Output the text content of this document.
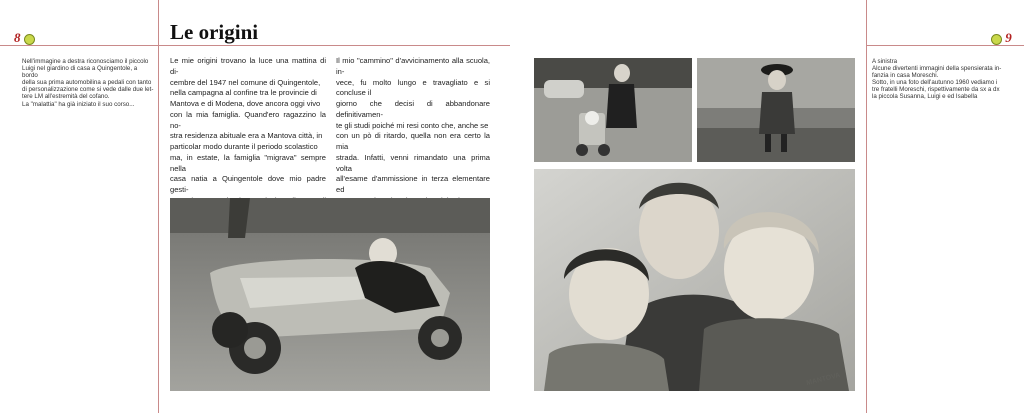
8	9
Le origini
Nell'immagine a destra riconosciamo il piccolo
Luigi nel giardino di casa a Quingentole, a bordo
della sua prima automobilina a pedali con tanto
di personalizzazione come si vede dalle due let-
tere LM all'estremità del cofano.
La "malattia" ha già iniziato il suo corso...
Le mie origini trovano la luce una mattina di di-
cembre del 1947 nel comune di Quingentole,
nella campagna al confine tra le provincie di
Mantova e di Modena, dove ancora oggi vivo
con la mia famiglia. Quand'ero ragazzino la no-
stra residenza abituale era a Mantova città, in
particolar modo durante il periodo scolastico
ma, in estate, la famiglia "migrava" sempre nella
casa natia a Quingentole dove mio padre gesti-
Il mio "cammino" d'avvicinamento alla scuola, in-
vece, fu molto lungo e travagliato e si concluse il
giorno che decisi di abbandonare definitivamen-
te gli studi poiché mi resi conto che, anche se
con un pò di ritardo, quella non era certo la mia
strada. Infatti, venni rimandato una prima volta
all'esame d'ammissione in terza elementare ed
MANTOVA
A sinistra
Alcune divertenti immagini della spensierata in-
fanzia in casa Moreschi.
Sotto, in una foto dell'autunno 1960 vediamo i
tre fratelli Moreschi, rispettivamente da sx a dx
la piccola Susanna, Luigi e ed Isabella
